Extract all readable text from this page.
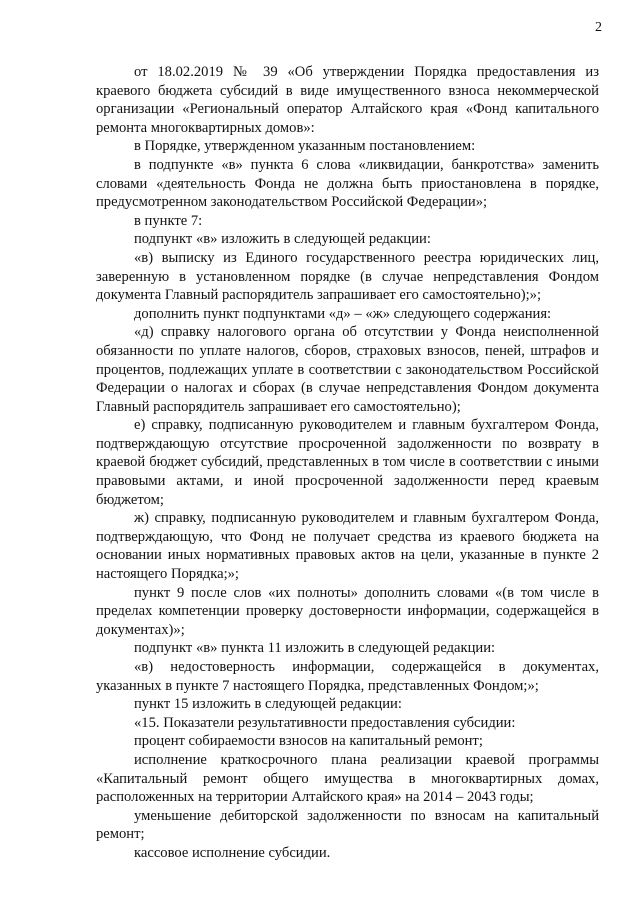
2

от 18.02.2019 № 39 «Об утверждении Порядка предоставления из краевого бюджета субсидий в виде имущественного взноса некоммерческой организации «Региональный оператор Алтайского края «Фонд капитального ремонта многоквартирных домов»:

в Порядке, утвержденном указанным постановлением:

в подпункте «в» пункта 6 слова «ликвидации, банкротства» заменить словами «деятельность Фонда не должна быть приостановлена в порядке, предусмотренном законодательством Российской Федерации»;

в пункте 7:

подпункт «в» изложить в следующей редакции:

«в) выписку из Единого государственного реестра юридических лиц, заверенную в установленном порядке (в случае непредставления Фондом документа Главный распорядитель запрашивает его самостоятельно);»;

дополнить пункт подпунктами «д» – «ж» следующего содержания:

«д) справку налогового органа об отсутствии у Фонда неисполненной обязанности по уплате налогов, сборов, страховых взносов, пеней, штрафов и процентов, подлежащих уплате в соответствии с законодательством Российской Федерации о налогах и сборах (в случае непредставления Фондом документа Главный распорядитель запрашивает его самостоятельно);

е) справку, подписанную руководителем и главным бухгалтером Фонда, подтверждающую отсутствие просроченной задолженности по возврату в краевой бюджет субсидий, представленных в том числе в соответствии с иными правовыми актами, и иной просроченной задолженности перед краевым бюджетом;

ж) справку, подписанную руководителем и главным бухгалтером Фонда, подтверждающую, что Фонд не получает средства из краевого бюджета на основании иных нормативных правовых актов на цели, указанные в пункте 2 настоящего Порядка;»;

пункт 9 после слов «их полноты» дополнить словами «(в том числе в пределах компетенции проверку достоверности информации, содержащейся в документах)»;

подпункт «в» пункта 11 изложить в следующей редакции:

«в) недостоверность информации, содержащейся в документах, указанных в пункте 7 настоящего Порядка, представленных Фондом;»;

пункт 15 изложить в следующей редакции:

«15. Показатели результативности предоставления субсидии:

процент собираемости взносов на капитальный ремонт;

исполнение краткосрочного плана реализации краевой программы «Капитальный ремонт общего имущества в многоквартирных домах, расположенных на территории Алтайского края» на 2014 – 2043 годы;

уменьшение дебиторской задолженности по взносам на капитальный ремонт;

кассовое исполнение субсидии.
